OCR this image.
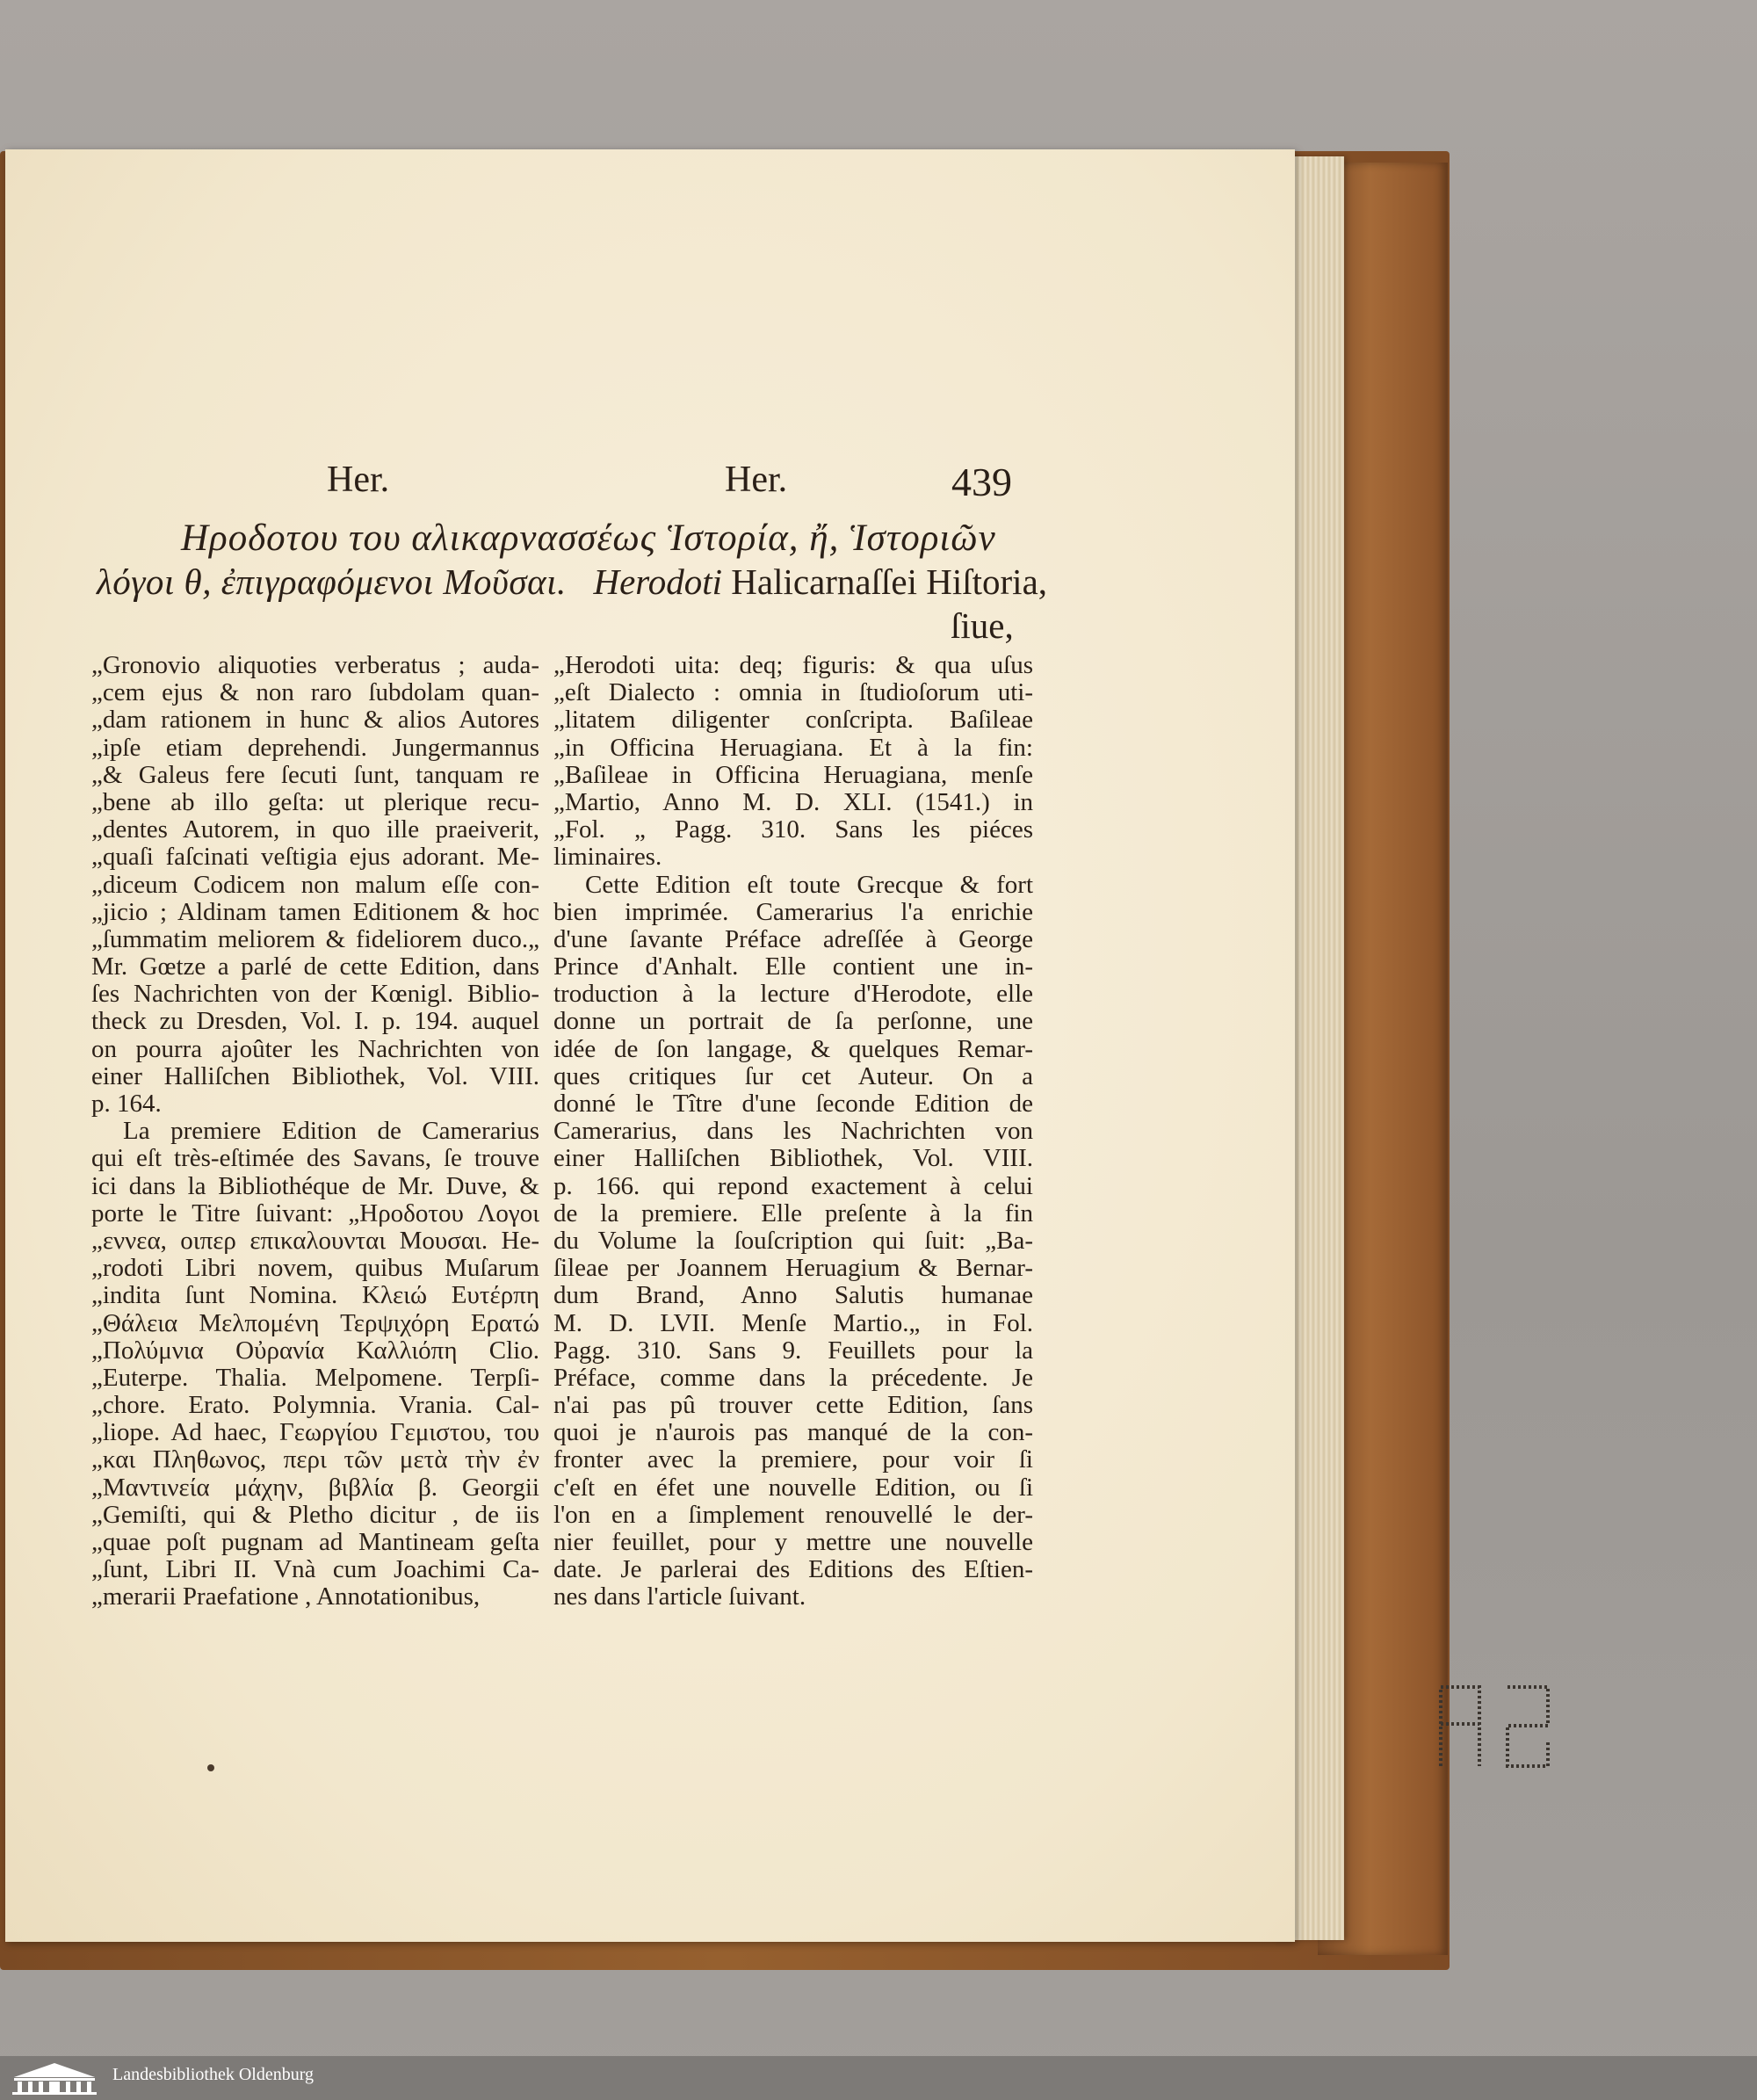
Her.	Her.	439
Ηροδοτου του αλικαρνασσέως Ἱστορία, ἤ, Ἱστοριῶν
λόγοι θ, ἐπιγραφόμενοι Μοῦσαι. Herodoti Halicarnaſſei Hiſtoria,
ſiue,
„Gronovio aliquoties verberatus ; auda-
„cem ejus & non raro ſubdolam quan-
„dam rationem in hunc & alios Autores
„ipſe etiam deprehendi. Jungermannus
„& Galeus fere ſecuti ſunt, tanquam re
„bene ab illo geſta: ut plerique recu-
„dentes Autorem, in quo ille praeiverit,
„quaſi faſcinati veſtigia ejus adorant. Me-
„diceum Codicem non malum eſſe con-
„jicio ; Aldinam tamen Editionem & hoc
„ſummatim meliorem & fideliorem duco.„
Mr. Gœtze a parlé de cette Edition, dans
ſes Nachrichten von der Kœnigl. Biblio-
theck zu Dresden, Vol. I. p. 194. auquel
on pourra ajoûter les Nachrichten von
einer Halliſchen Bibliothek, Vol. VIII.
p. 164.
La premiere Edition de Camerarius
qui eſt très-eſtimée des Savans, ſe trouve
ici dans la Bibliothéque de Mr. Duve, &
porte le Titre ſuivant: „Ηροδοτου Λογοι
„εννεα, οιπερ επικαλουνται Μουσαι. He-
„rodoti Libri novem, quibus Muſarum
„indita ſunt Nomina. Κλειώ Ευτέρπη
„Θάλεια Μελπομένη Τερψιχόρη Ερατώ
„Πολύμνια Οὐρανία Καλλιόπη Clio.
„Euterpe. Thalia. Melpomene. Terpſi-
„chore. Erato. Polymnia. Vrania. Cal-
„liope. Ad haec, Γεωργίου Γεμιστου, του
„και Πληθωνος, περι τῶν μετὰ τὴν ἐν
„Μαντινεία μάχην, βιβλία β. Georgii
„Gemiſti, qui & Pletho dicitur , de iis
„quae poſt pugnam ad Mantineam geſta
„ſunt, Libri II. Vnà cum Joachimi Ca-
„merarii Praefatione , Annotationibus,
„Herodoti uita: deq; figuris: & qua uſus
„eſt Dialecto : omnia in ſtudioſorum uti-
„litatem diligenter conſcripta. Baſileae
„in Officina Heruagiana. Et à la fin:
„Baſileae in Officina Heruagiana, menſe
„Martio, Anno M. D. XLI. (1541.) in
„Fol. „ Pagg. 310. Sans les piéces
liminaires.
Cette Edition eſt toute Grecque & fort
bien imprimée. Camerarius l'a enrichie
d'une ſavante Préface adreſſée à George
Prince d'Anhalt. Elle contient une in-
troduction à la lecture d'Herodote, elle
donne un portrait de ſa perſonne, une
idée de ſon langage, & quelques Remar-
ques critiques ſur cet Auteur. On a
donné le Tître d'une ſeconde Edition de
Camerarius, dans les Nachrichten von
einer Halliſchen Bibliothek, Vol. VIII.
p. 166. qui repond exactement à celui
de la premiere. Elle preſente à la fin
du Volume la ſouſcription qui ſuit: „Ba-
ſileae per Joannem Heruagium & Bernar-
dum Brand, Anno Salutis humanae
M. D. LVII. Menſe Martio.„ in Fol.
Pagg. 310. Sans 9. Feuillets pour la
Préface, comme dans la précedente. Je
n'ai pas pû trouver cette Edition, ſans
quoi je n'aurois pas manqué de la con-
fronter avec la premiere, pour voir ſi
c'eſt en éfet une nouvelle Edition, ou ſi
l'on en a ſimplement renouvellé le der-
nier feuillet, pour y mettre une nouvelle
date. Je parlerai des Editions des Eſtien-
nes dans l'article ſuivant.
Landesbibliothek Oldenburg
